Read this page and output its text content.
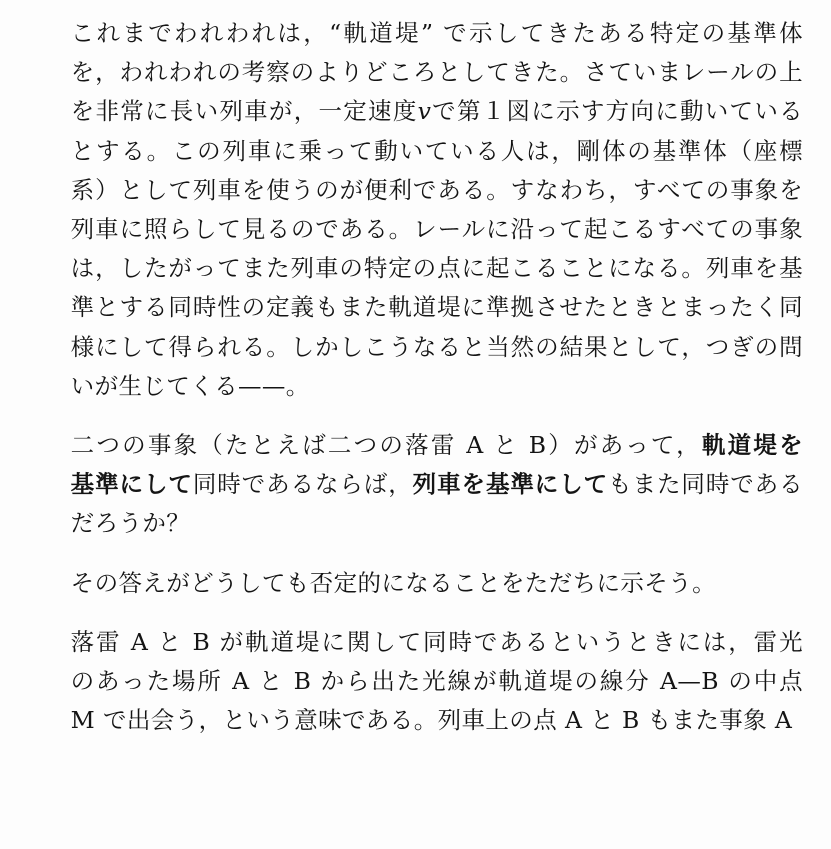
これまでわれわれは，“軌道堤” で示してきたある特定の基準体
を，われわれの考察のよりどころとしてきた。さていまレールの上
を非常に長い列車が，一定速度vで第１図に示す方向に動いている
とする。この列車に乗って動いている人は，剛体の基準体（座標
系）として列車を使うのが便利である。すなわち，すべての事象を
列車に照らして見るのである。レールに沿って起こるすべての事象
は，したがってまた列車の特定の点に起こることになる。列車を基
準とする同時性の定義もまた軌道堤に準拠させたときとまったく同
様にして得られる。しかしこうなると当然の結果として，つぎの問
いが生じてくる——。
二つの事象（たとえば二つの落雷 A と B）があって，軌道堤を
基準にして同時であるならば，列車を基準にしてもまた同時である
だろうか？
その答えがどうしても否定的になることをただちに示そう。
落雷 A と B が軌道堤に関して同時であるというときには，雷光
のあった場所 A と B から出た光線が軌道堤の線分 A—B の中点
M で出会う，という意味である。列車上の点 A と B もまた事象 A
